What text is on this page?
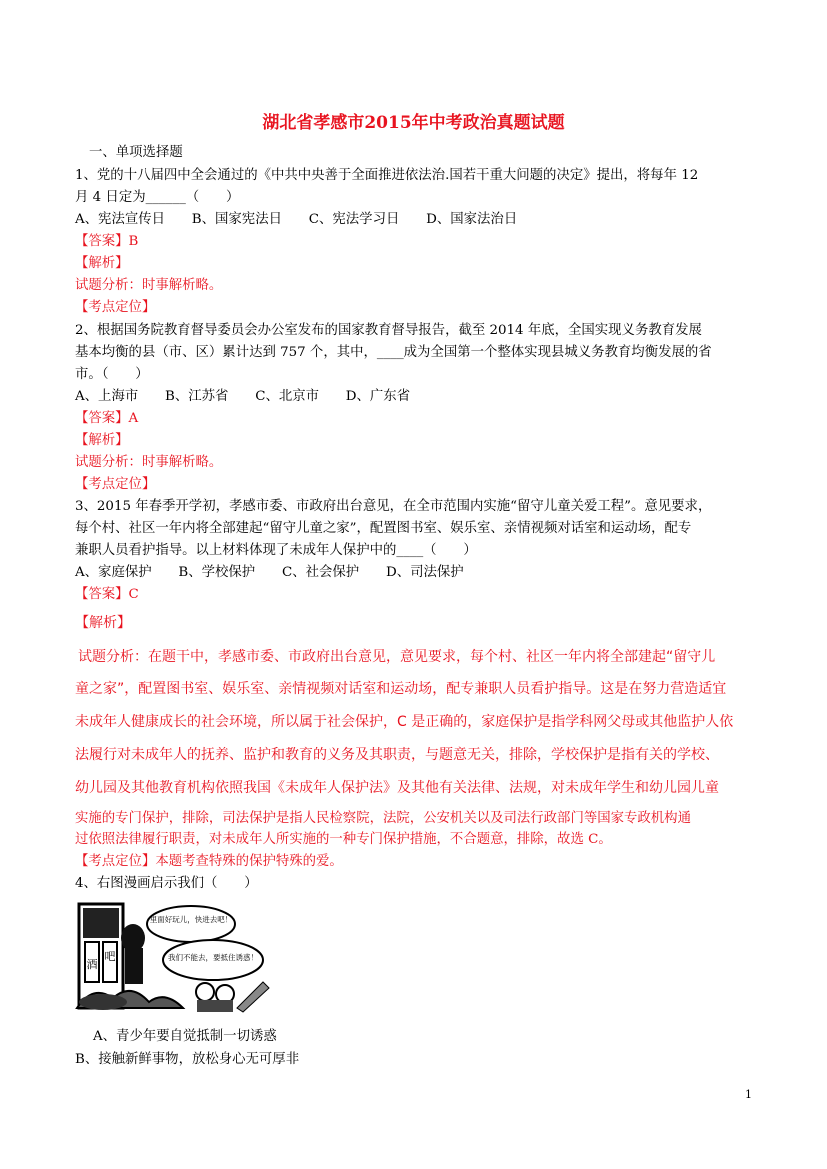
湖北省孝感市2015年中考政治真题试题
一、单项选择题
1、党的十八届四中全会通过的《中共中央善于全面推进依法治.国若干重大问题的决定》提出，将每年 12
月 4 日定为______（　　）
A、宪法宣传日　　B、国家宪法日　　C、宪法学习日　　D、国家法治日
【答案】B
【解析】
试题分析：时事解析略。
【考点定位】
2、根据国务院教育督导委员会办公室发布的国家教育督导报告，截至 2014 年底，全国实现义务教育发展
基本均衡的县（市、区）累计达到 757 个，其中，____成为全国第一个整体实现县城义务教育均衡发展的省
市。（　　）
A、上海市　　B、江苏省　　C、北京市　　D、广东省
【答案】A
【解析】
试题分析：时事解析略。
【考点定位】
3、2015 年春季开学初，孝感市委、市政府出台意见，在全市范围内实施“留守儿童关爱工程”。意见要求，
每个村、社区一年内将全部建起“留守儿童之家”，配置图书室、娱乐室、亲情视频对话室和运动场，配专
兼职人员看护指导。以上材料体现了未成年人保护中的____（　　）
A、家庭保护　　B、学校保护　　C、社会保护　　D、司法保护
【答案】C
【解析】
试题分析：在题干中，孝感市委、市政府出台意见，意见要求，每个村、社区一年内将全部建起“留守儿
童之家”，配置图书室、娱乐室、亲情视频对话室和运动场，配专兼职人员看护指导。这是在努力营造适宜
未成年人健康成长的社会环境，所以属于社会保护，C 是正确的，家庭保护是指学科网父母或其他监护人依
法履行对未成年人的抚养、监护和教育的义务及其职责，与题意无关，排除，学校保护是指有关的学校、
幼儿园及其他教育机构依照我国《未成年人保护法》及其他有关法律、法规，对未成年学生和幼儿园儿童
实施的专门保护，排除，司法保护是指人民检察院，法院，公安机关以及司法行政部门等国家专政机构通
过依照法律履行职责，对未成年人所实施的一种专门保护措施，不合题意，排除，故选 C。
【考点定位】本题考查特殊的保护特殊的爱。
4、右图漫画启示我们（　　）
酒
吧
里面好玩儿，快进去吧！
我们不能去，要抵住诱惑！
A、青少年要自觉抵制一切诱惑
B、接触新鲜事物，放松身心无可厚非
1
